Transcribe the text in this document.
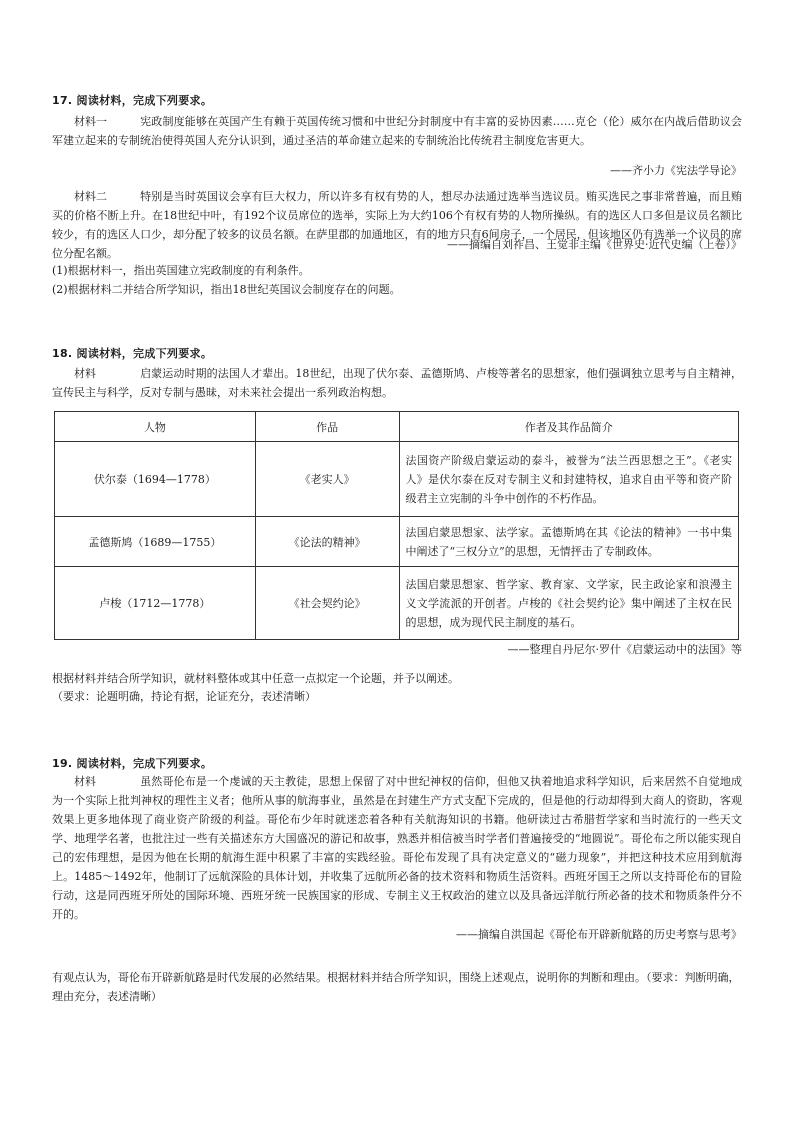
17. 阅读材料，完成下列要求。

材料一	宪政制度能够在英国产生有赖于英国传统习惯和中世纪分封制度中有丰富的妥协因素……克仑（伦）威尔在内战后借助议会军建立起来的专制统治使得英国人充分认识到，通过圣洁的革命建立起来的专制统治比传统君主制度危害更大。

——齐小力《宪法学导论》

材料二	特别是当时英国议会享有巨大权力，所以许多有权有势的人，想尽办法通过选举当选议员。贿买选民之事非常普遍，而且贿买的价格不断上升。在18世纪中叶，有192个议员席位的选举，实际上为大约106个有权有势的人物所操纵。有的选区人口多但是议员名额比较少，有的选区人口少，却分配了较多的议员名额。在萨里郡的加通地区，有的地方只有6间房子，一个居民，但该地区仍有选举一个议员的席位分配名额。

——摘编自刘祚昌、王觉非主编《世界史·近代史编（上卷）》

(1)根据材料一，指出英国建立宪政制度的有利条件。

(2)根据材料二并结合所学知识，指出18世纪英国议会制度存在的问题。

18. 阅读材料，完成下列要求。

材料	启蒙运动时期的法国人才辈出。18世纪，出现了伏尔泰、孟德斯鸠、卢梭等著名的思想家，他们强调独立思考与自主精神，宣传民主与科学，反对专制与愚昧，对未来社会提出一系列政治构想。

人物	作品	作者及其作品简介
伏尔泰（1694—1778）	《老实人》	法国资产阶级启蒙运动的泰斗，被誉为“法兰西思想之王”。《老实人》是伏尔泰在反对专制主义和封建特权，追求自由平等和资产阶级君主立宪制的斗争中创作的不朽作品。
孟德斯鸠（1689—1755）	《论法的精神》	法国启蒙思想家、法学家。孟德斯鸠在其《论法的精神》一书中集中阐述了“三权分立”的思想，无情抨击了专制政体。
卢梭（1712—1778）	《社会契约论》	法国启蒙思想家、哲学家、教育家、文学家，民主政论家和浪漫主义文学流派的开创者。卢梭的《社会契约论》集中阐述了主权在民的思想，成为现代民主制度的基石。
——整理自丹尼尔·罗什《启蒙运动中的法国》等

根据材料并结合所学知识，就材料整体或其中任意一点拟定一个论题，并予以阐述。

（要求：论题明确，持论有据，论证充分，表述清晰）

19. 阅读材料，完成下列要求。

材料	虽然哥伦布是一个虔诚的天主教徒，思想上保留了对中世纪神权的信仰，但他又执着地追求科学知识，后来居然不自觉地成为一个实际上批判神权的理性主义者；他所从事的航海事业，虽然是在封建生产方式支配下完成的，但是他的行动却得到大商人的资助，客观效果上更多地体现了商业资产阶级的利益。哥伦布少年时就迷恋着各种有关航海知识的书籍。他研读过古希腊哲学家和当时流行的一些天文学、地理学名著，也批注过一些有关描述东方大国盛况的游记和故事，熟悉并相信被当时学者们普遍接受的“地圆说”。哥伦布之所以能实现自己的宏伟理想，是因为他在长期的航海生涯中积累了丰富的实践经验。哥伦布发现了具有决定意义的“磁力现象”，并把这种技术应用到航海上。1485～1492年，他制订了远航深险的具体计划，并收集了远航所必备的技术资料和物质生活资料。西班牙国王之所以支持哥伦布的冒险行动，这是同西班牙所处的国际环境、西班牙统一民族国家的形成、专制主义王权政治的建立以及具备远洋航行所必备的技术和物质条件分不开的。

——摘编自洪国起《哥伦布开辟新航路的历史考察与思考》

有观点认为，哥伦布开辟新航路是时代发展的必然结果。根据材料并结合所学知识，围绕上述观点，说明你的判断和理由。（要求：判断明确，理由充分，表述清晰）
